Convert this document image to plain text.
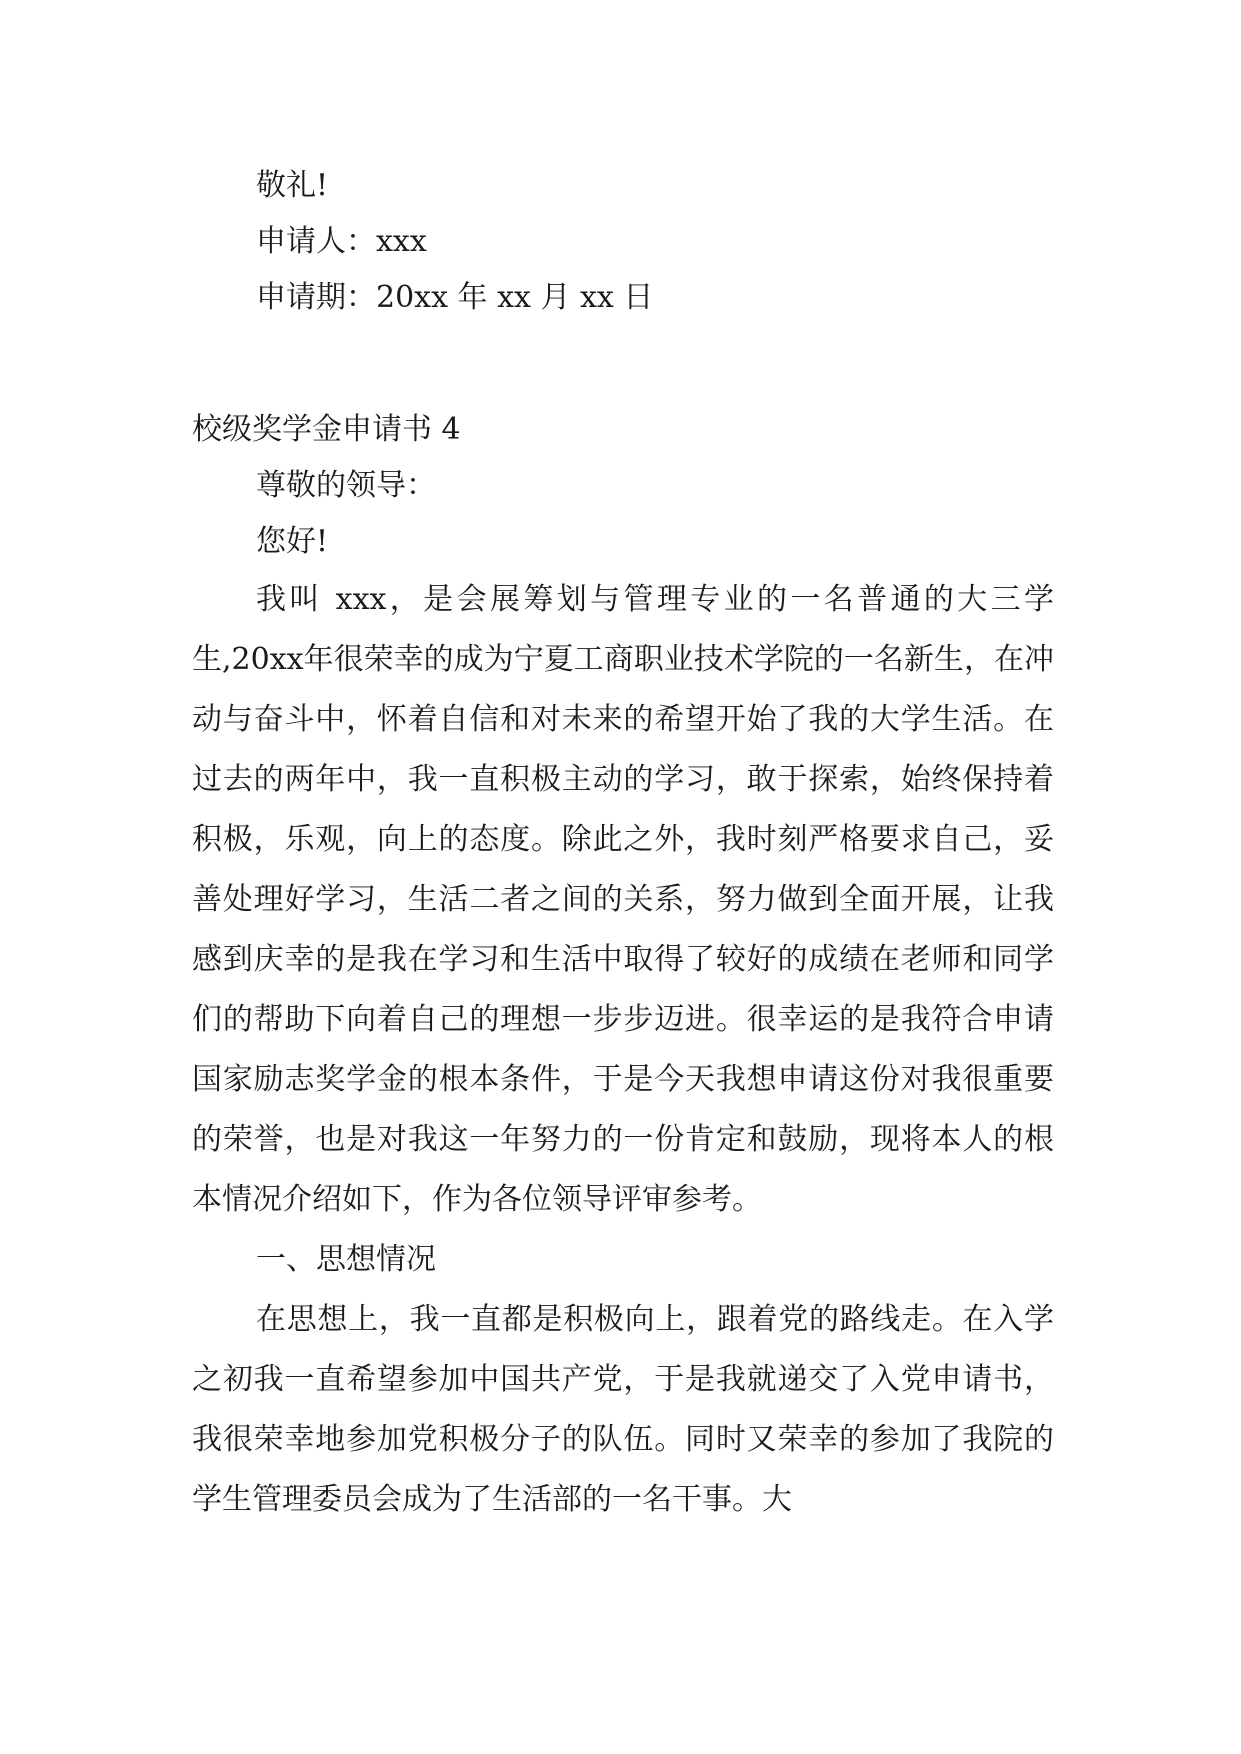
敬礼!
申请人：xxx
申请期：20xx 年 xx 月 xx 日
校级奖学金申请书 4
尊敬的领导：
您好!

我叫 xxx，是会展筹划与管理专业的一名普通的大三学生,20xx年很荣幸的成为宁夏工商职业技术学院的一名新生，在冲动与奋斗中，怀着自信和对未来的希望开始了我的大学生活。在过去的两年中，我一直积极主动的学习，敢于探索，始终保持着积极，乐观，向上的态度。除此之外，我时刻严格要求自己，妥善处理好学习，生活二者之间的关系，努力做到全面开展，让我感到庆幸的是我在学习和生活中取得了较好的成绩在老师和同学们的帮助下向着自己的理想一步步迈进。很幸运的是我符合申请国家励志奖学金的根本条件，于是今天我想申请这份对我很重要的荣誉，也是对我这一年努力的一份肯定和鼓励，现将本人的根本情况介绍如下，作为各位领导评审参考。

一、思想情况

在思想上，我一直都是积极向上，跟着党的路线走。在入学之初我一直希望参加中国共产党，于是我就递交了入党申请书，我很荣幸地参加党积极分子的队伍。同时又荣幸的参加了我院的学生管理委员会成为了生活部的一名干事。大
